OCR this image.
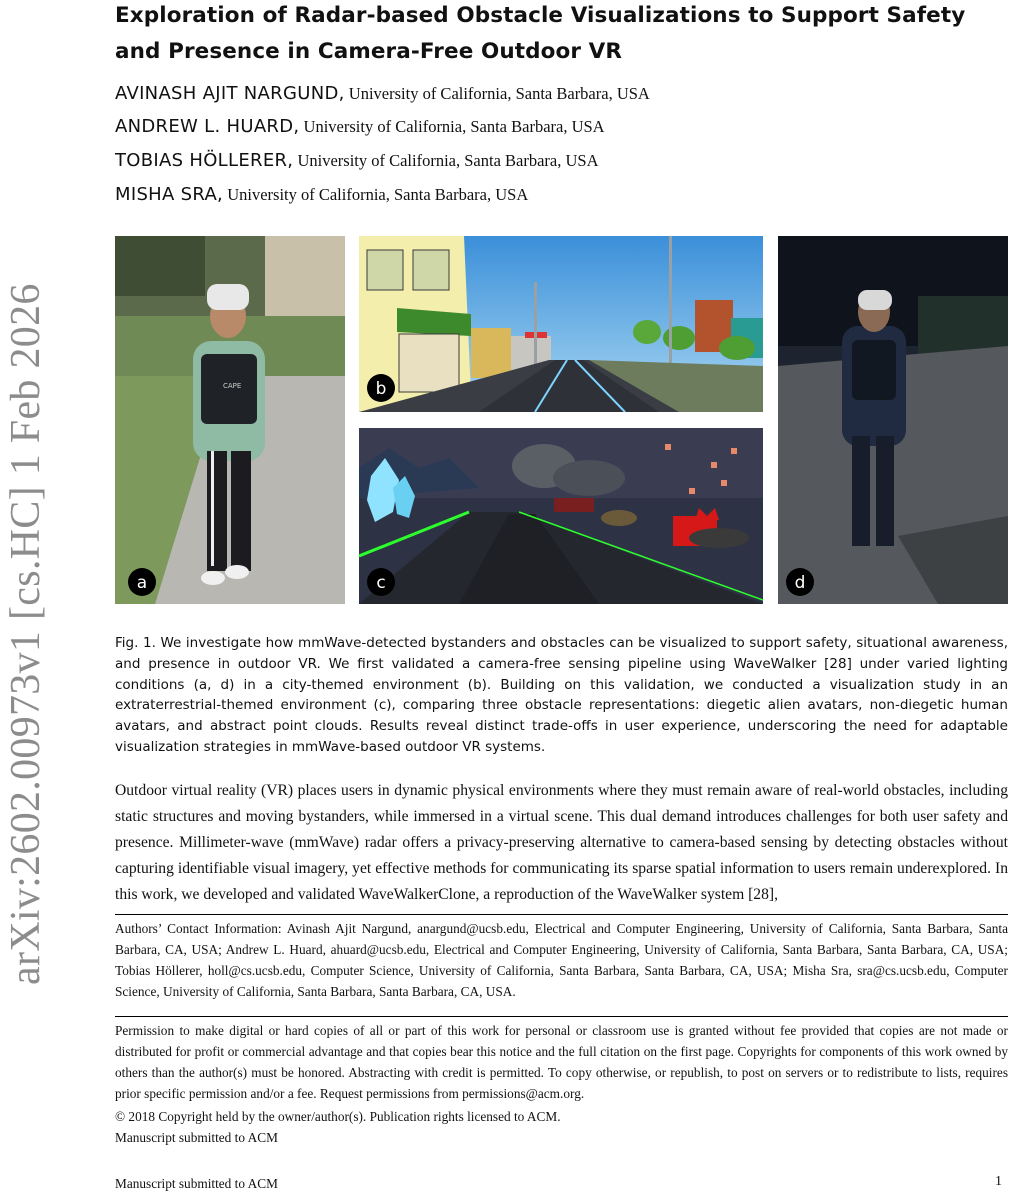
Exploration of Radar-based Obstacle Visualizations to Support Safety and Presence in Camera-Free Outdoor VR
AVINASH AJIT NARGUND, University of California, Santa Barbara, USA
ANDREW L. HUARD, University of California, Santa Barbara, USA
TOBIAS HÖLLERER, University of California, Santa Barbara, USA
MISHA SRA, University of California, Santa Barbara, USA
arXiv:2602.00973v1 [cs.HC] 1 Feb 2026	CAPE
a
b
c	d
Fig. 1. We investigate how mmWave-detected bystanders and obstacles can be visualized to support safety, situational awareness, and presence in outdoor VR. We first validated a camera-free sensing pipeline using WaveWalker [28] under varied lighting conditions (a, d) in a city-themed environment (b). Building on this validation, we conducted a visualization study in an extraterrestrial-themed environment (c), comparing three obstacle representations: diegetic alien avatars, non-diegetic human avatars, and abstract point clouds. Results reveal distinct trade-offs in user experience, underscoring the need for adaptable visualization strategies in mmWave-based outdoor VR systems.
Outdoor virtual reality (VR) places users in dynamic physical environments where they must remain aware of real-world obstacles, including static structures and moving bystanders, while immersed in a virtual scene. This dual demand introduces challenges for both user safety and presence. Millimeter-wave (mmWave) radar offers a privacy-preserving alternative to camera-based sensing by detecting obstacles without capturing identifiable visual imagery, yet effective methods for communicating its sparse spatial information to users remain underexplored. In this work, we developed and validated WaveWalkerClone, a reproduction of the WaveWalker system [28],
Authors’ Contact Information: Avinash Ajit Nargund, anargund@ucsb.edu, Electrical and Computer Engineering, University of California, Santa Barbara, Santa Barbara, CA, USA; Andrew L. Huard, ahuard@ucsb.edu, Electrical and Computer Engineering, University of California, Santa Barbara, Santa Barbara, CA, USA; Tobias Höllerer, holl@cs.ucsb.edu, Computer Science, University of California, Santa Barbara, Santa Barbara, CA, USA; Misha Sra, sra@cs.ucsb.edu, Computer Science, University of California, Santa Barbara, Santa Barbara, CA, USA.
Permission to make digital or hard copies of all or part of this work for personal or classroom use is granted without fee provided that copies are not made or distributed for profit or commercial advantage and that copies bear this notice and the full citation on the first page. Copyrights for components of this work owned by others than the author(s) must be honored. Abstracting with credit is permitted. To copy otherwise, or republish, to post on servers or to redistribute to lists, requires prior specific permission and/or a fee. Request permissions from permissions@acm.org.
© 2018 Copyright held by the owner/author(s). Publication rights licensed to ACM.
Manuscript submitted to ACM
Manuscript submitted to ACM	1
